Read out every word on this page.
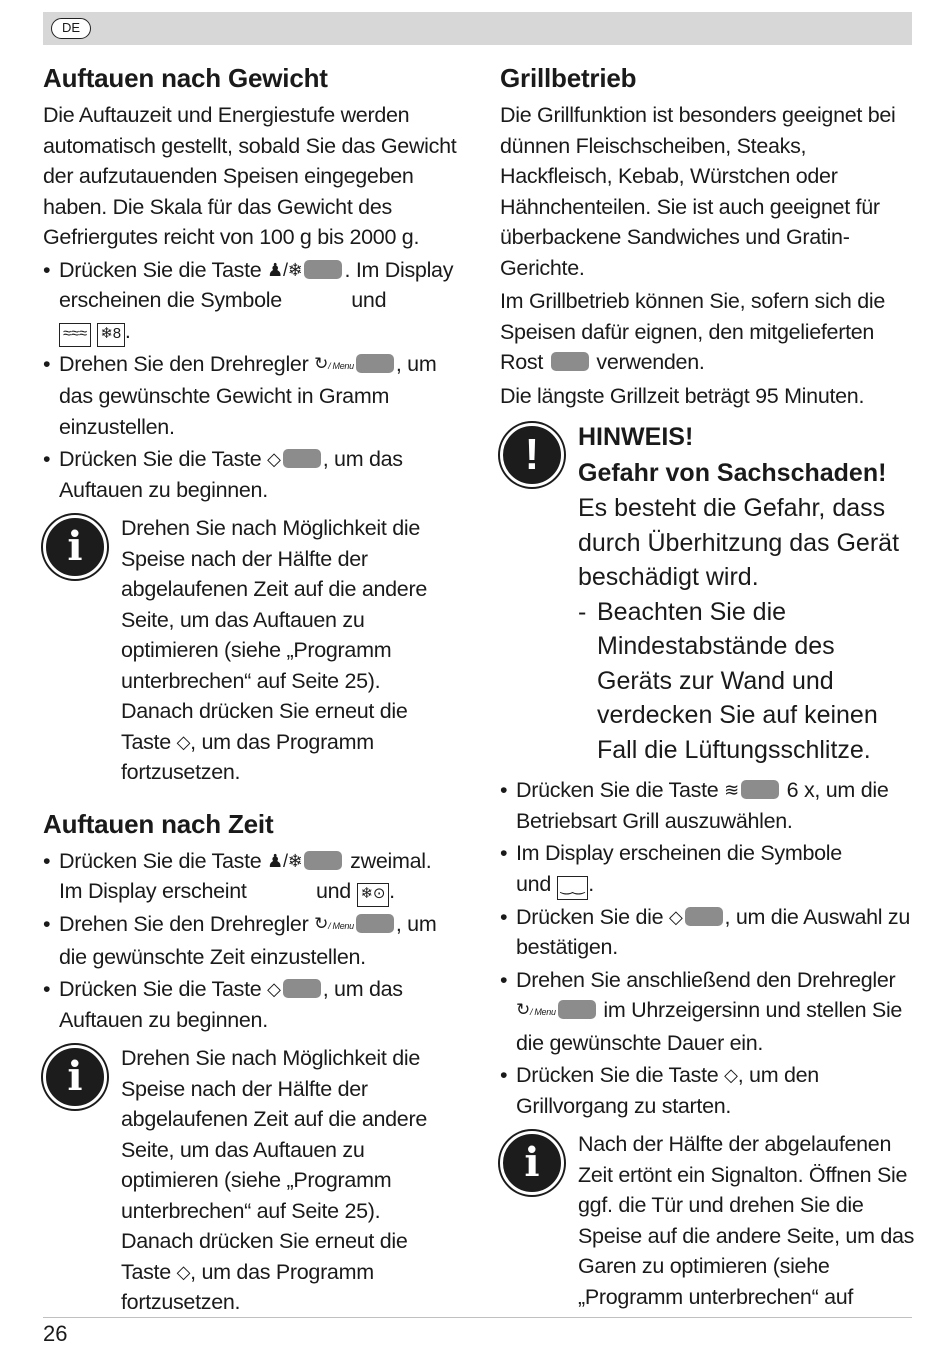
DE
Auftauen nach Gewicht

Die Auftauzeit und Energiestufe werden automatisch gestellt, sobald Sie das Gewicht der aufzutauenden Speisen eingegeben haben. Die Skala für das Gewicht des Gefriergutes reicht von 100 g bis 2000 g.

• Drücken Sie die Taste ♟/❄ . Im Display erscheinen die Symbole	und
≈≈≈ ❄8 .
• Drehen Sie den Drehregler ↻/ Menu , um das gewünschte Gewicht in Gramm einzustellen.
• Drücken Sie die Taste ◇ , um das Auftauen zu beginnen.
i	Drehen Sie nach Möglichkeit die Speise nach der Hälfte der abgelaufenen Zeit auf die andere Seite, um das Auftauen zu optimieren (siehe „Programm unterbrechen“ auf Seite 25). Danach drücken Sie erneut die Taste ◇, um das Programm fortzusetzen.
Auftauen nach Zeit
• Drücken Sie die Taste ♟/❄ zweimal. Im Display erscheint	und ❄⊙ .
• Drehen Sie den Drehregler ↻/ Menu , um die gewünschte Zeit einzustellen.
• Drücken Sie die Taste ◇ , um das Auftauen zu beginnen.
i	Drehen Sie nach Möglichkeit die Speise nach der Hälfte der abgelaufenen Zeit auf die andere Seite, um das Auftauen zu optimieren (siehe „Programm unterbrechen“ auf Seite 25). Danach drücken Sie erneut die Taste ◇, um das Programm fortzusetzen.
Grillbetrieb

Die Grillfunktion ist besonders geeignet bei dünnen Fleischscheiben, Steaks, Hackfleisch, Kebab, Würstchen oder Hähnchenteilen. Sie ist auch geeignet für überbackene Sandwiches und Gratin-Gerichte.

Im Grillbetrieb können Sie, sofern sich die Speisen dafür eignen, den mitgelieferten Rost verwenden.

Die längste Grillzeit beträgt 95 Minuten.

!	HINWEIS!
Gefahr von Sachschaden!
Es besteht die Gefahr, dass durch Überhitzung das Gerät beschädigt wird.
- Beachten Sie die Mindestabstände des Geräts zur Wand und verdecken Sie auf keinen Fall die Lüftungsschlitze.
• Drücken Sie die Taste ≋ 6 x, um die Betriebsart Grill auszuwählen.
• Im Display erscheinen die Symbole
und ‿‿ .
• Drücken Sie die ◇ , um die Auswahl zu bestätigen.
• Drehen Sie anschließend den Drehregler
↻/ Menu im Uhrzeigersinn und stellen Sie die gewünschte Dauer ein.
• Drücken Sie die Taste ◇, um den Grillvorgang zu starten.
i	Nach der Hälfte der abgelaufenen Zeit ertönt ein Signalton. Öffnen Sie ggf. die Tür und drehen Sie die Speise auf die andere Seite, um das Garen zu optimieren (siehe „Programm unterbrechen“ auf
26
